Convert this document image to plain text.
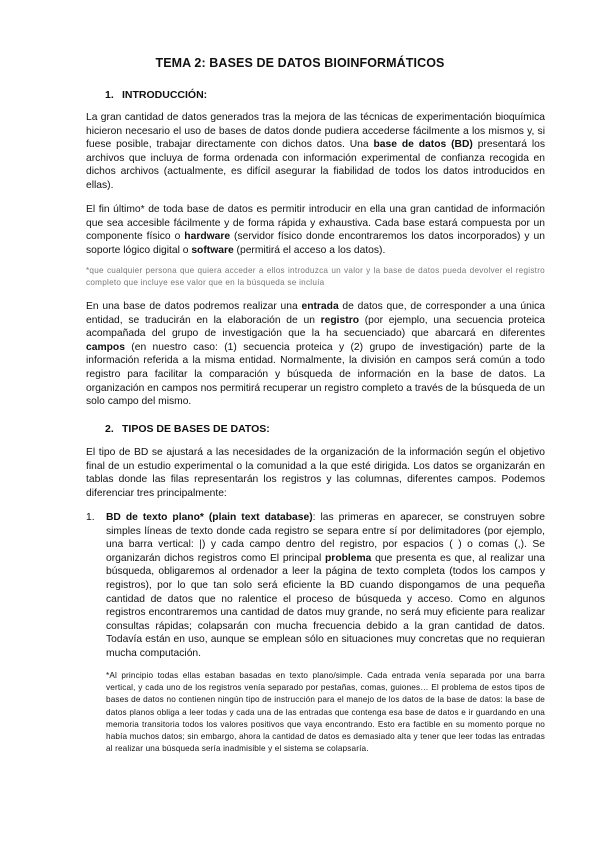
TEMA 2: BASES DE DATOS BIOINFORMÁTICOS
1. INTRODUCCIÓN:
La gran cantidad de datos generados tras la mejora de las técnicas de experimentación bioquímica hicieron necesario el uso de bases de datos donde pudiera accederse fácilmente a los mismos y, si fuese posible, trabajar directamente con dichos datos. Una base de datos (BD) presentará los archivos que incluya de forma ordenada con información experimental de confianza recogida en dichos archivos (actualmente, es difícil asegurar la fiabilidad de todos los datos introducidos en ellas).
El fin último* de toda base de datos es permitir introducir en ella una gran cantidad de información que sea accesible fácilmente y de forma rápida y exhaustiva. Cada base estará compuesta por un componente físico o hardware (servidor físico donde encontraremos los datos incorporados) y un soporte lógico digital o software (permitirá el acceso a los datos).
*que cualquier persona que quiera acceder a ellos introduzca un valor y la base de datos pueda devolver el registro completo que incluye ese valor que en la búsqueda se incluía
En una base de datos podremos realizar una entrada de datos que, de corresponder a una única entidad, se traducirán en la elaboración de un registro (por ejemplo, una secuencia proteica acompañada del grupo de investigación que la ha secuenciado) que abarcará en diferentes campos (en nuestro caso: (1) secuencia proteica y (2) grupo de investigación) parte de la información referida a la misma entidad. Normalmente, la división en campos será común a todo registro para facilitar la comparación y búsqueda de información en la base de datos. La organización en campos nos permitirá recuperar un registro completo a través de la búsqueda de un solo campo del mismo.
2. TIPOS DE BASES DE DATOS:
El tipo de BD se ajustará a las necesidades de la organización de la información según el objetivo final de un estudio experimental o la comunidad a la que esté dirigida. Los datos se organizarán en tablas donde las filas representarán los registros y las columnas, diferentes campos. Podemos diferenciar tres principalmente:
1. BD de texto plano* (plain text database): las primeras en aparecer, se construyen sobre simples líneas de texto donde cada registro se separa entre sí por delimitadores (por ejemplo, una barra vertical: |) y cada campo dentro del registro, por espacios ( ) o comas (,). Se organizarán dichos registros como El principal problema que presenta es que, al realizar una búsqueda, obligaremos al ordenador a leer la página de texto completa (todos los campos y registros), por lo que tan solo será eficiente la BD cuando dispongamos de una pequeña cantidad de datos que no ralentice el proceso de búsqueda y acceso. Como en algunos registros encontraremos una cantidad de datos muy grande, no será muy eficiente para realizar consultas rápidas; colapsarán con mucha frecuencia debido a la gran cantidad de datos. Todavía están en uso, aunque se emplean sólo en situaciones muy concretas que no requieran mucha computación.
*Al principio todas ellas estaban basadas en texto plano/simple. Cada entrada venía separada por una barra vertical, y cada uno de los registros venía separado por pestañas, comas, guiones… El problema de estos tipos de bases de datos no contienen ningún tipo de instrucción para el manejo de los datos de la base de datos: la base de datos planos obliga a leer todas y cada una de las entradas que contenga esa base de datos e ir guardando en una memoria transitoria todos los valores positivos que vaya encontrando. Esto era factible en su momento porque no había muchos datos; sin embargo, ahora la cantidad de datos es demasiado alta y tener que leer todas las entradas al realizar una búsqueda sería inadmisible y el sistema se colapsaría.
